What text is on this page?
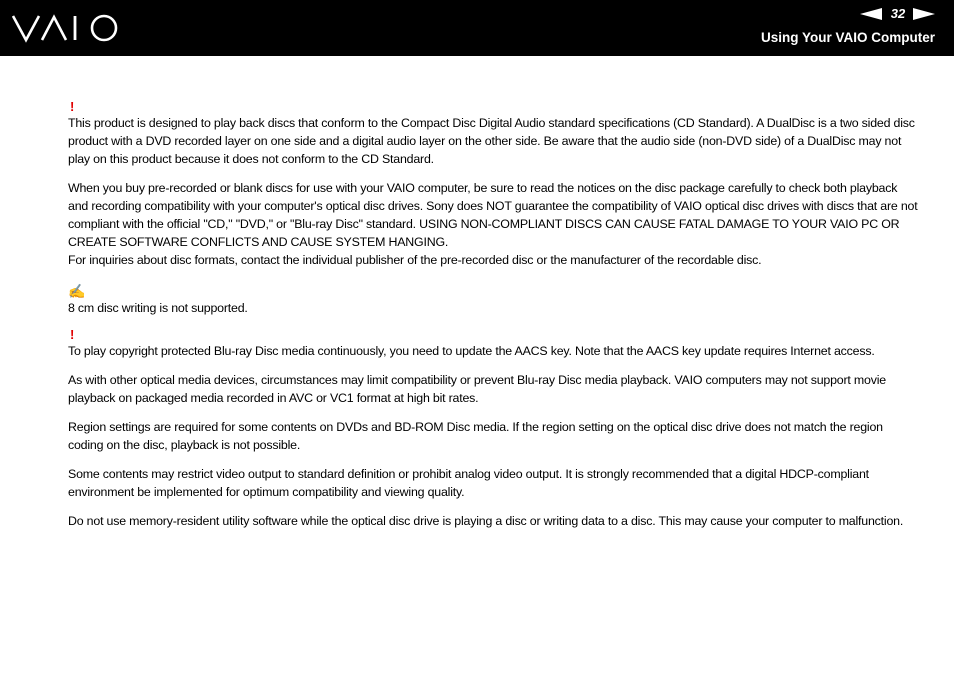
32
Using Your VAIO Computer
!

This product is designed to play back discs that conform to the Compact Disc Digital Audio standard specifications (CD Standard). A DualDisc is a two sided disc product with a DVD recorded layer on one side and a digital audio layer on the other side. Be aware that the audio side (non-DVD side) of a DualDisc may not play on this product because it does not conform to the CD Standard.

When you buy pre-recorded or blank discs for use with your VAIO computer, be sure to read the notices on the disc package carefully to check both playback and recording compatibility with your computer's optical disc drives. Sony does NOT guarantee the compatibility of VAIO optical disc drives with discs that are not compliant with the official "CD," "DVD," or "Blu-ray Disc" standard. USING NON-COMPLIANT DISCS CAN CAUSE FATAL DAMAGE TO YOUR VAIO PC OR CREATE SOFTWARE CONFLICTS AND CAUSE SYSTEM HANGING.

For inquiries about disc formats, contact the individual publisher of the pre-recorded disc or the manufacturer of the recordable disc.

✍

8 cm disc writing is not supported.

!

To play copyright protected Blu-ray Disc media continuously, you need to update the AACS key. Note that the AACS key update requires Internet access.

As with other optical media devices, circumstances may limit compatibility or prevent Blu-ray Disc media playback. VAIO computers may not support movie playback on packaged media recorded in AVC or VC1 format at high bit rates.

Region settings are required for some contents on DVDs and BD-ROM Disc media. If the region setting on the optical disc drive does not match the region coding on the disc, playback is not possible.

Some contents may restrict video output to standard definition or prohibit analog video output. It is strongly recommended that a digital HDCP-compliant environment be implemented for optimum compatibility and viewing quality.

Do not use memory-resident utility software while the optical disc drive is playing a disc or writing data to a disc. This may cause your computer to malfunction.
